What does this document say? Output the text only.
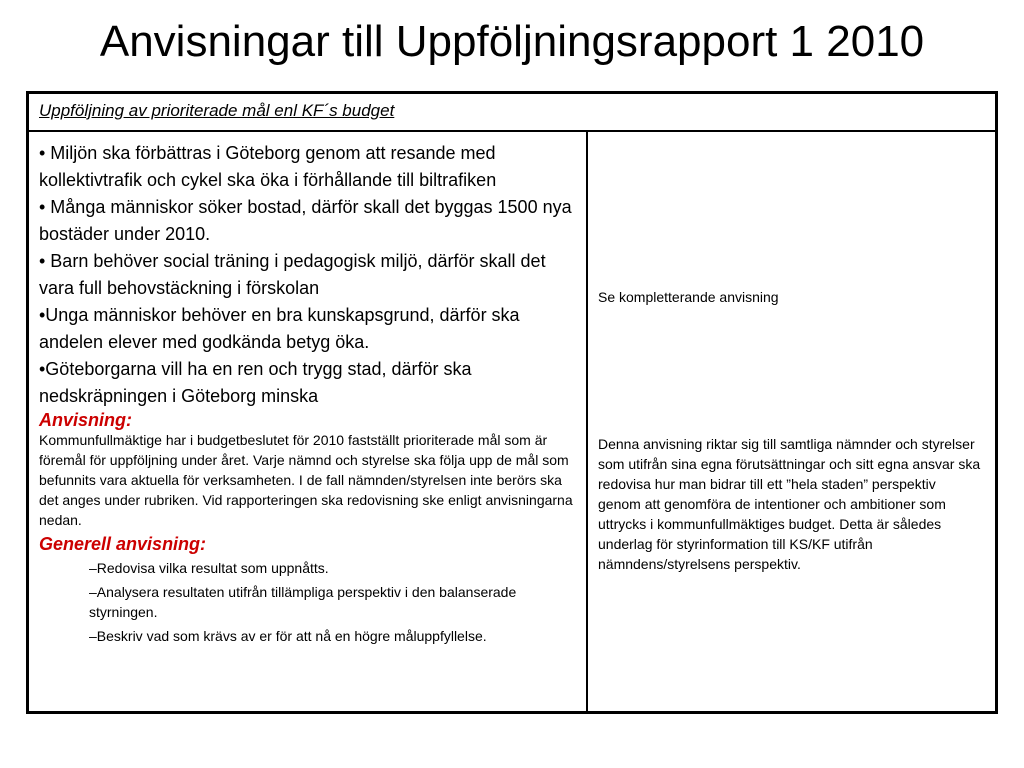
Anvisningar till Uppföljningsrapport 1 2010
Uppföljning av prioriterade mål enl KF´s budget
• Miljön ska förbättras i Göteborg genom att resande med kollektivtrafik och cykel ska öka i förhållande till biltrafiken
• Många människor söker bostad, därför skall det byggas 1500 nya bostäder under 2010.
• Barn behöver social träning i pedagogisk miljö, därför skall det vara full behovstäckning i förskolan
•Unga människor behöver en bra kunskapsgrund, därför ska andelen elever med godkända betyg öka.
•Göteborgarna vill ha en ren och trygg stad, därför ska nedskräpningen i Göteborg minska

Anvisning:

Kommunfullmäktige har i budgetbeslutet för 2010 fastställt prioriterade mål som är föremål för uppföljning under året. Varje nämnd och styrelse ska följa upp de mål som befunnits vara aktuella för verksamheten. I de fall nämnden/styrelsen inte berörs ska det anges under rubriken. Vid rapporteringen ska redovisning ske enligt anvisningarna nedan.

Generell anvisning:

–Redovisa vilka resultat som uppnåtts.
–Analysera resultaten utifrån tillämpliga perspektiv i den balanserade styrningen.
–Beskriv vad som krävs av er för att nå en högre måluppfyllelse.

Se kompletterande anvisning

Denna anvisning riktar sig till samtliga nämnder och styrelser som utifrån sina egna förutsättningar och sitt egna ansvar ska redovisa hur man bidrar till ett ”hela staden” perspektiv genom att genomföra de intentioner och ambitioner som uttrycks i kommunfullmäktiges budget. Detta är således underlag för styrinformation till KS/KF utifrån nämndens/styrelsens perspektiv.
